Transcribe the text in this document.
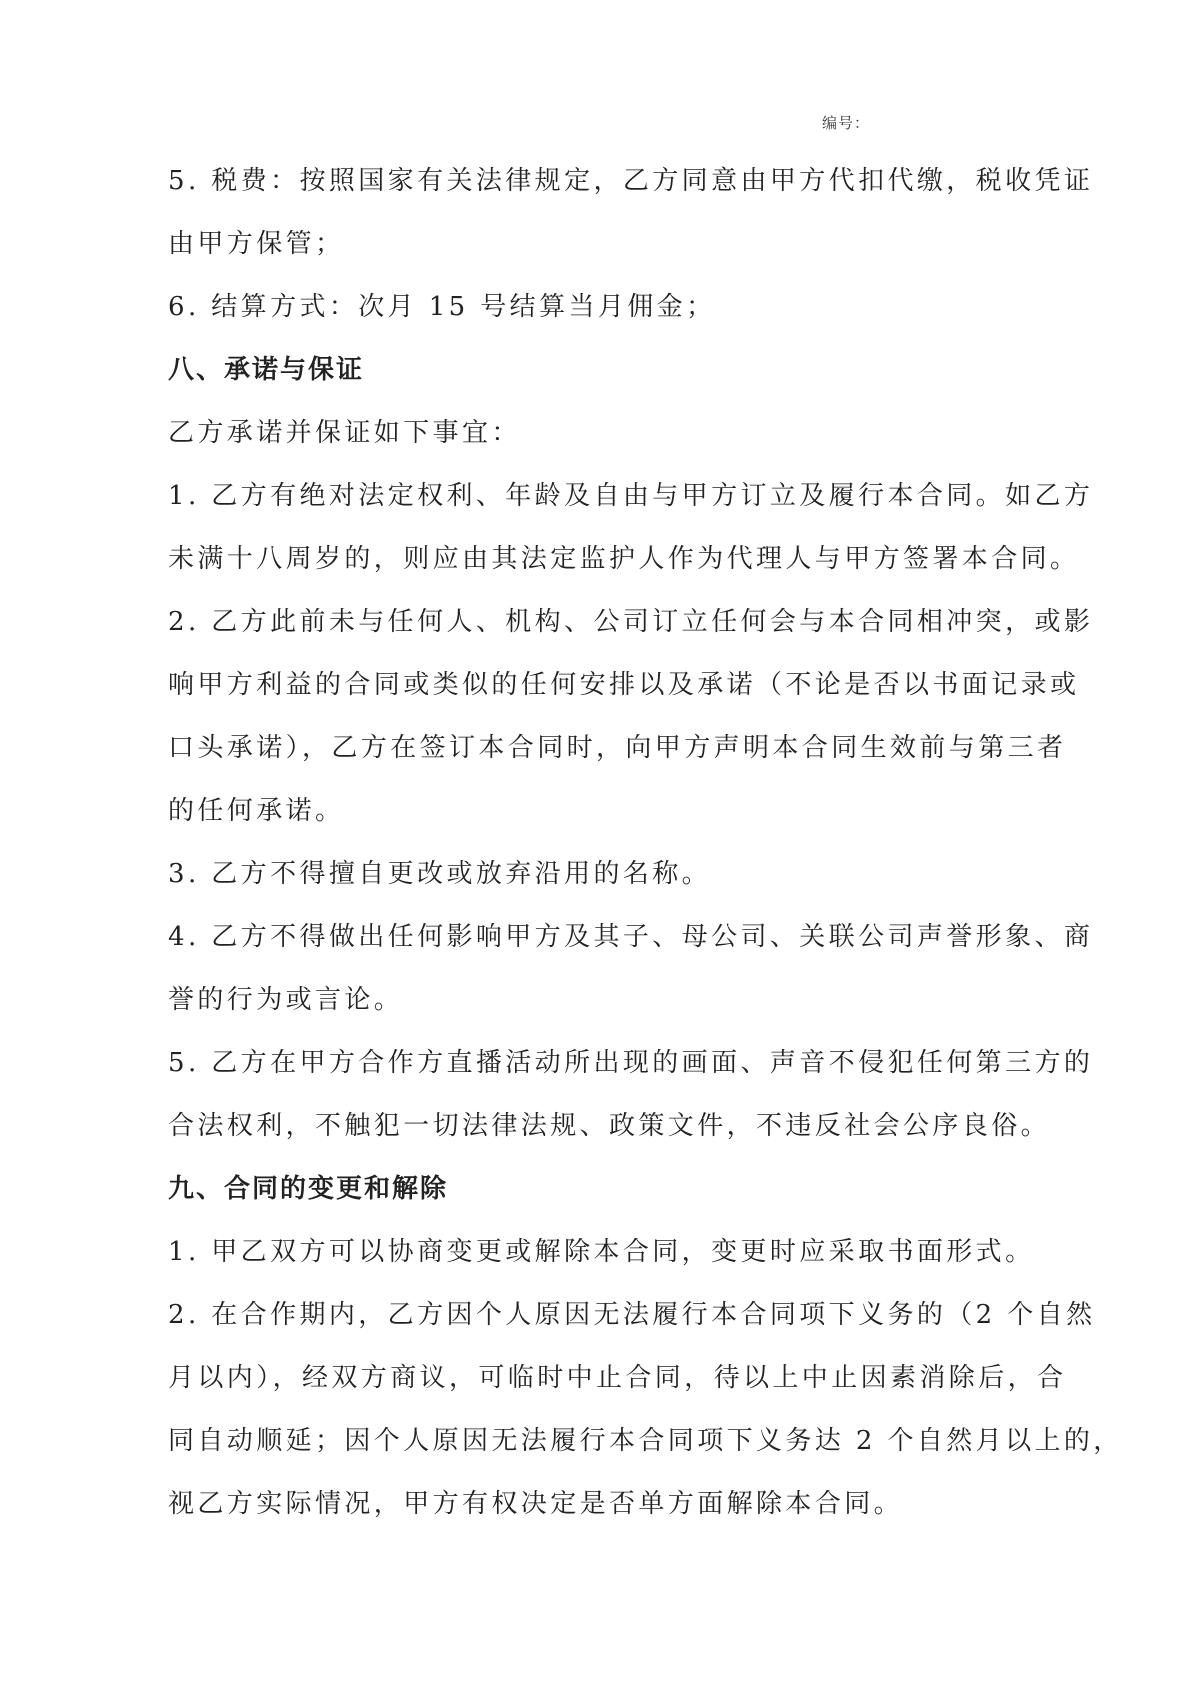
编号：
5. 税费：按照国家有关法律规定，乙方同意由甲方代扣代缴，税收凭证
由甲方保管；
6. 结算方式：次月 15 号结算当月佣金；
八、承诺与保证
乙方承诺并保证如下事宜：
1. 乙方有绝对法定权利、年龄及自由与甲方订立及履行本合同。如乙方
未满十八周岁的，则应由其法定监护人作为代理人与甲方签署本合同。
2. 乙方此前未与任何人、机构、公司订立任何会与本合同相冲突，或影
响甲方利益的合同或类似的任何安排以及承诺（不论是否以书面记录或
口头承诺），乙方在签订本合同时，向甲方声明本合同生效前与第三者
的任何承诺。
3. 乙方不得擅自更改或放弃沿用的名称。
4. 乙方不得做出任何影响甲方及其子、母公司、关联公司声誉形象、商
誉的行为或言论。
5. 乙方在甲方合作方直播活动所出现的画面、声音不侵犯任何第三方的
合法权利，不触犯一切法律法规、政策文件，不违反社会公序良俗。
九、合同的变更和解除
1. 甲乙双方可以协商变更或解除本合同，变更时应采取书面形式。
2. 在合作期内，乙方因个人原因无法履行本合同项下义务的（2 个自然
月以内），经双方商议，可临时中止合同，待以上中止因素消除后，合
同自动顺延；因个人原因无法履行本合同项下义务达 2 个自然月以上的，
视乙方实际情况，甲方有权决定是否单方面解除本合同。
